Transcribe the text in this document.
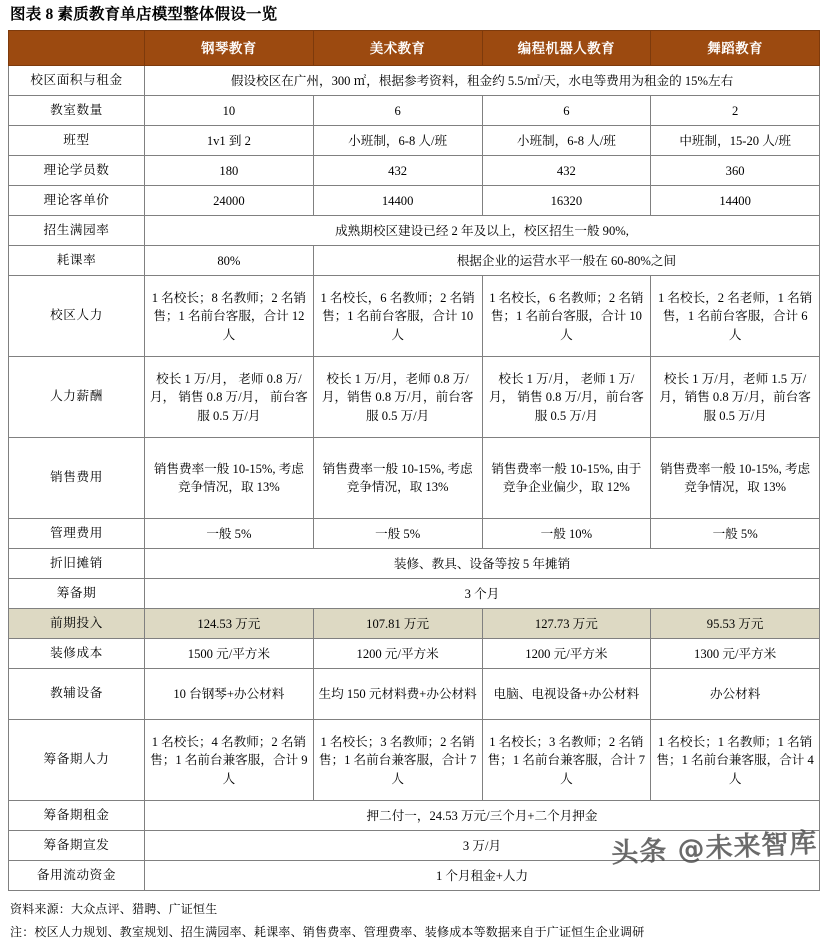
图表 8 素质教育单店模型整体假设一览
	钢琴教育	美术教育	编程机器人教育	舞蹈教育
校区面积与租金	假设校区在广州，300 ㎡，根据参考资料，租金约 5.5/㎡/天，水电等费用为租金的 15%左右			
教室数量	10	6	6	2
班型	1v1 到 2	小班制，6-8 人/班	小班制，6-8 人/班	中班制，15-20 人/班
理论学员数	180	432	432	360
理论客单价	24000	14400	16320	14400
招生满园率	成熟期校区建设已经 2 年及以上，校区招生一般 90%,			
耗课率	80%	根据企业的运营水平一般在 60-80%之间		
校区人力	1 名校长；8 名教师；2 名销售；1 名前台客服，合计 12 人	1 名校长，6 名教师；2 名销售；1 名前台客服，合计 10 人	1 名校长，6 名教师；2 名销售；1 名前台客服，合计 10 人	1 名校长，2 名老师，1 名销售，1 名前台客服，合计 6 人
人力薪酬	校长 1 万/月， 老师 0.8 万/月， 销售 0.8 万/月， 前台客服 0.5 万/月	校长 1 万/月，老师 0.8 万/月，销售 0.8 万/月，前台客服 0.5 万/月	校长 1 万/月， 老师 1 万/月， 销售 0.8 万/月，前台客服 0.5 万/月	校长 1 万/月，老师 1.5 万/月，销售 0.8 万/月，前台客服 0.5 万/月
销售费用	销售费率一般 10-15%, 考虑竞争情况，取 13%	销售费率一般 10-15%, 考虑竞争情况，取 13%	销售费率一般 10-15%, 由于竞争企业偏少，取 12%	销售费率一般 10-15%, 考虑竞争情况，取 13%
管理费用	一般 5%	一般 5%	一般 10%	一般 5%
折旧摊销	装修、教具、设备等按 5 年摊销			
筹备期	3 个月			
前期投入	124.53 万元	107.81 万元	127.73 万元	95.53 万元
装修成本	1500 元/平方米	1200 元/平方米	1200 元/平方米	1300 元/平方米
教辅设备	10 台钢琴+办公材料	生均 150 元材料费+办公材料	电脑、电视设备+办公材料	办公材料
筹备期人力	1 名校长；4 名教师；2 名销售；1 名前台兼客服，合计 9 人	1 名校长；3 名教师；2 名销售；1 名前台兼客服，合计 7 人	1 名校长；3 名教师；2 名销售；1 名前台兼客服，合计 7 人	1 名校长；1 名教师；1 名销售；1 名前台兼客服，合计 4 人
筹备期租金	押二付一，24.53 万元/三个月+二个月押金			
筹备期宣发	3 万/月			
备用流动资金	1 个月租金+人力			
资料来源：大众点评、猎聘、广证恒生
注：校区人力规划、教室规划、招生满园率、耗课率、销售费率、管理费率、装修成本等数据来自于广证恒生企业调研
头条 @未来智库
